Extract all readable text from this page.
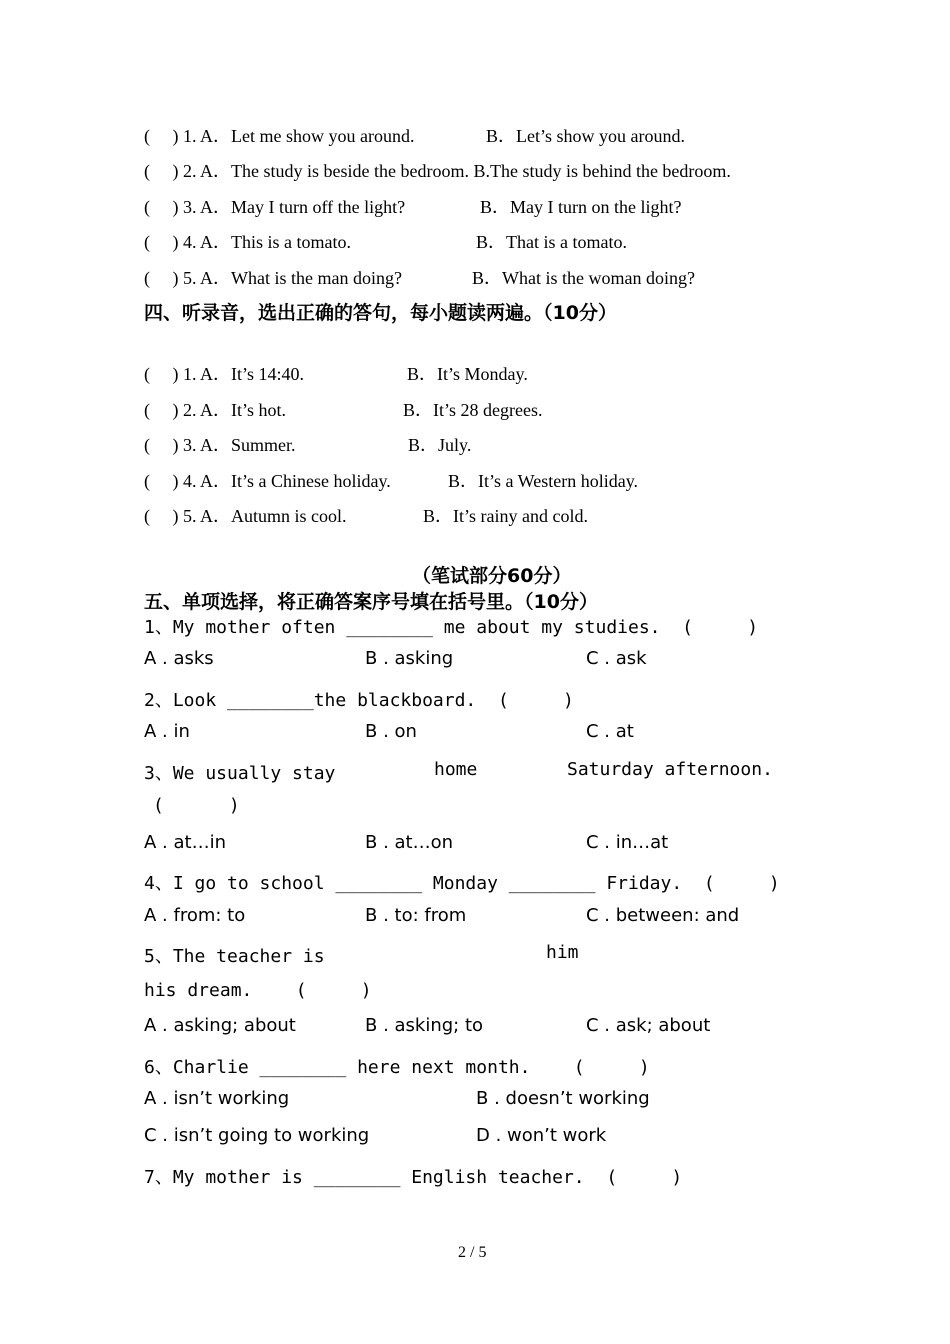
(     ) 1. A．Let me show you around.	B．Let’s show you around.
(     ) 2. A．The study is beside the bedroom. B.The study is behind the bedroom.
(     ) 3. A．May I turn off the light?	B．May I turn on the light?
(     ) 4. A．This is a tomato.	B．That is a tomato.
(     ) 5. A．What is the man doing?	B．What is the woman doing?
四、听录音，选出正确的答句，每小题读两遍。（10分）
(     ) 1. A．It’s 14:40.	B．It’s Monday.
(     ) 2. A．It’s hot.	B．It’s 28 degrees.
(     ) 3. A．Summer.	B．July.
(     ) 4. A．It’s a Chinese holiday.	B．It’s a Western holiday.
(     ) 5. A．Autumn is cool.	B．It’s rainy and cold.
（笔试部分60分）
五、单项选择，将正确答案序号填在括号里。（10分）
1、My mother often ________ me about my studies.  (     )
A . asks	B . asking	C . ask
2、Look ________the blackboard.  (     )
A . in	B . on	C . at
3、We usually stay	home	Saturday afternoon.
(      )
A . at…in	B . at…on	C . in…at
4、I go to school ________ Monday ________ Friday.  (     )
A . from: to	B . to: from	C . between: and
5、The teacher is	him
his dream.    (     )
A . asking; about	B . asking; to	C . ask; about
6、Charlie ________ here next month.    (     )
A . isn’t working	B . doesn’t working
C . isn’t going to working	D . won’t work
7、My mother is ________ English teacher.  (     )
2 / 5
